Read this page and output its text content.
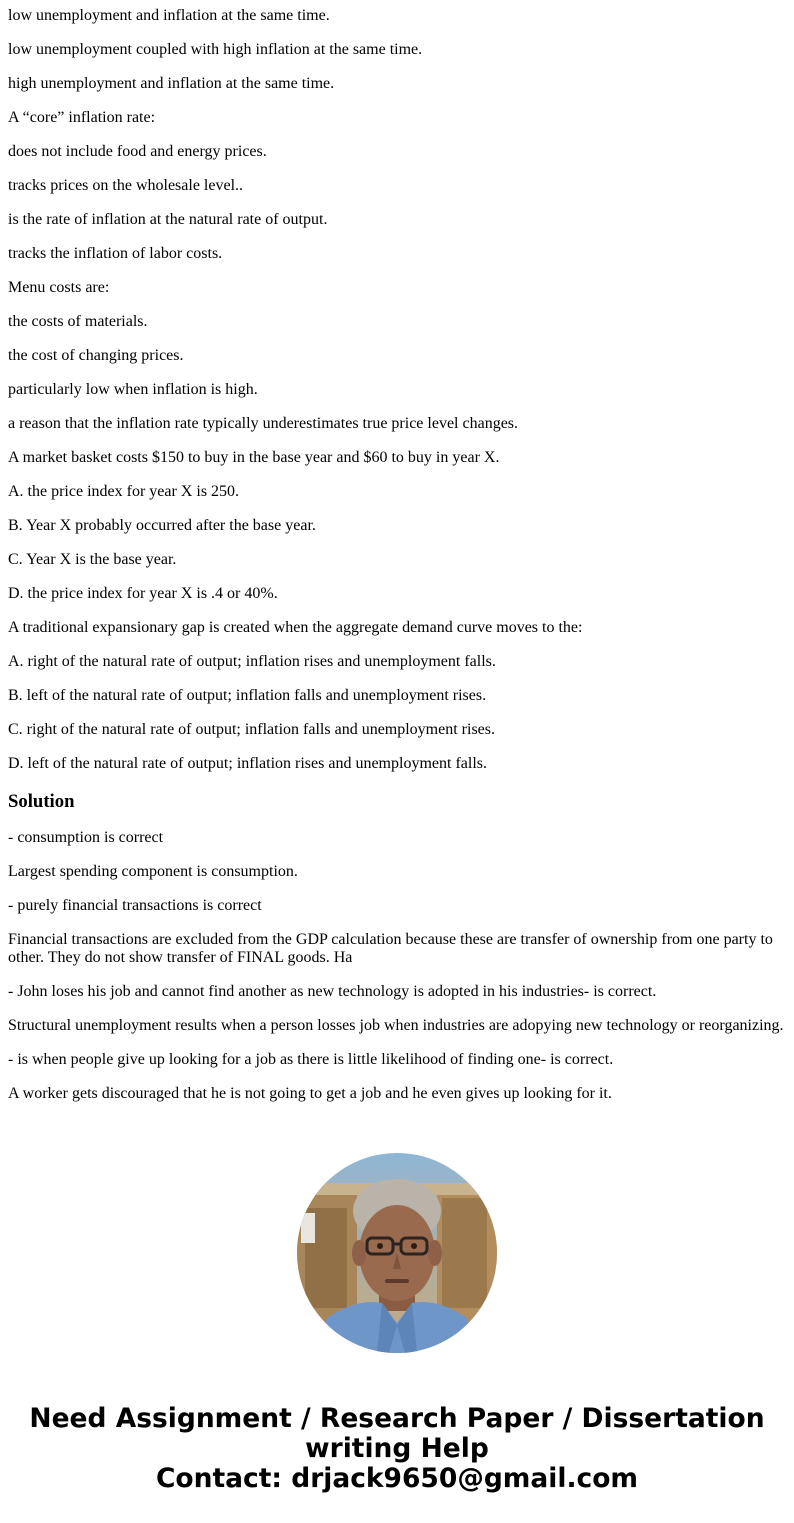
low unemployment and inflation at the same time.

low unemployment coupled with high inflation at the same time.

high unemployment and inflation at the same time.

A “core” inflation rate:

does not include food and energy prices.

tracks prices on the wholesale level..

is the rate of inflation at the natural rate of output.

tracks the inflation of labor costs.

Menu costs are:

the costs of materials.

the cost of changing prices.

particularly low when inflation is high.

a reason that the inflation rate typically underestimates true price level changes.

A market basket costs $150 to buy in the base year and $60 to buy in year X.

A. the price index for year X is 250.

B. Year X probably occurred after the base year.

C. Year X is the base year.

D. the price index for year X is .4 or 40%.

A traditional expansionary gap is created when the aggregate demand curve moves to the:

A. right of the natural rate of output; inflation rises and unemployment falls.

B. left of the natural rate of output; inflation falls and unemployment rises.

C. right of the natural rate of output; inflation falls and unemployment rises.

D. left of the natural rate of output; inflation rises and unemployment falls.

Solution

- consumption is correct

Largest spending component is consumption.

- purely financial transactions is correct

Financial transactions are excluded from the GDP calculation because these are transfer of ownership from one party to other. They do not show transfer of FINAL goods. Ha

- John loses his job and cannot find another as new technology is adopted in his industries- is correct.

Structural unemployment results when a person losses job when industries are adopying new technology or reorganizing.

- is when people give up looking for a job as there is little likelihood of finding one- is correct.

A worker gets discouraged that he is not going to get a job and he even gives up looking for it.

Need Assignment / Research Paper / Dissertation
writing Help
Contact: drjack9650@gmail.com
